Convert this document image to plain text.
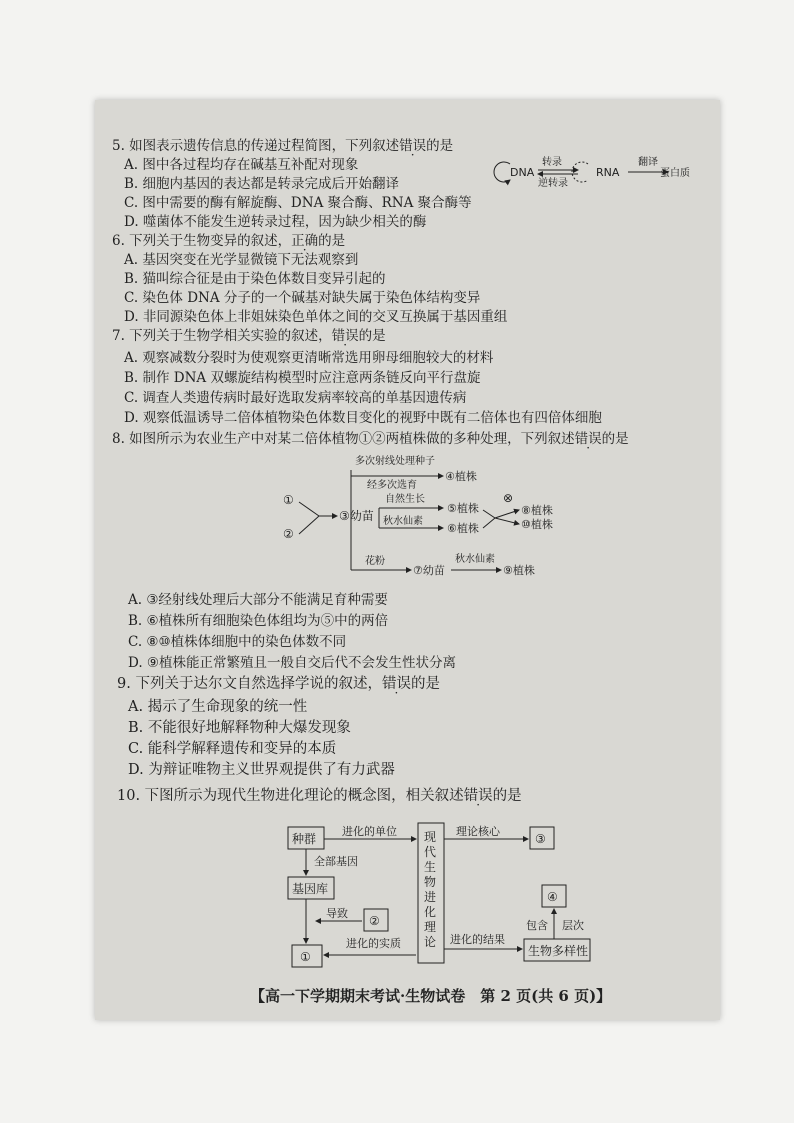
5. 如图表示遗传信息的传递过程简图，下列叙述错误的是
A. 图中各过程均存在碱基互补配对现象
B. 细胞内基因的表达都是转录完成后开始翻译
C. 图中需要的酶有解旋酶、DNA 聚合酶、RNA 聚合酶等
D. 噬菌体不能发生逆转录过程，因为缺少相关的酶
DNA
转录
逆转录
RNA
翻译
蛋白质
6. 下列关于生物变异的叙述，正确的是
A. 基因突变在光学显微镜下无法观察到
B. 猫叫综合征是由于染色体数目变异引起的
C. 染色体 DNA 分子的一个碱基对缺失属于染色体结构变异
D. 非同源染色体上非姐妹染色单体之间的交叉互换属于基因重组
7. 下列关于生物学相关实验的叙述，错误的是
A. 观察减数分裂时为使观察更清晰常选用卵母细胞较大的材料
B. 制作 DNA 双螺旋结构模型时应注意两条链反向平行盘旋
C. 调查人类遗传病时最好选取发病率较高的单基因遗传病
D. 观察低温诱导二倍体植物染色体数目变化的视野中既有二倍体也有四倍体细胞
8. 如图所示为农业生产中对某二倍体植物①②两植株做的多种处理，下列叙述错误的是
①
②
③幼苗
多次射线处理种子
经多次选育
④植株
自然生长
⑤植株
秋水仙素
⑥植株
⊗
⑧植株
⑩植株
花粉
⑦幼苗
秋水仙素
⑨植株
A. ③经射线处理后大部分不能满足育种需要
B. ⑥植株所有细胞染色体组均为⑤中的两倍
C. ⑧⑩植株体细胞中的染色体数不同
D. ⑨植株能正常繁殖且一般自交后代不会发生性状分离
9. 下列关于达尔文自然选择学说的叙述，错误的是
A. 揭示了生命现象的统一性
B. 不能很好地解释物种大爆发现象
C. 能科学解释遗传和变异的本质
D. 为辩证唯物主义世界观提供了有力武器
10. 下图所示为现代生物进化理论的概念图，相关叙述错误的是
种群
进化的单位 现
代
生
物
进
化
理
论
理论核心
③
全部基因
基因库
导致
②
①
进化的实质	进化的结果
生物多样性
④
包含 层次
【高一下学期期末考试·生物试卷　第 2 页(共 6 页)】
